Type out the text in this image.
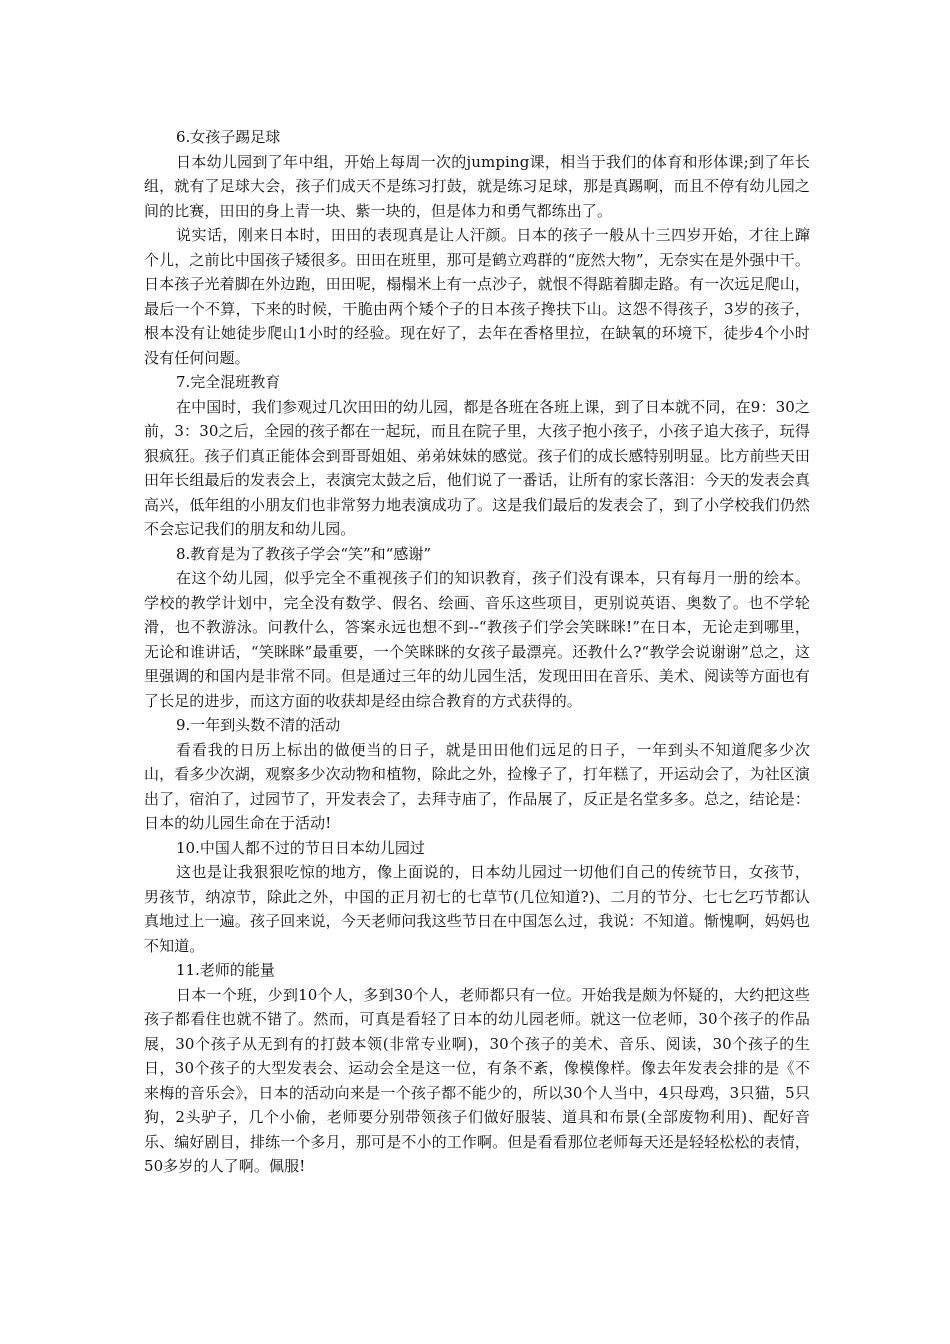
6.女孩子踢足球

日本幼儿园到了年中组，开始上每周一次的jumping课，相当于我们的体育和形体课;到了年长组，就有了足球大会，孩子们成天不是练习打鼓，就是练习足球，那是真踢啊，而且不停有幼儿园之间的比赛，田田的身上青一块、紫一块的，但是体力和勇气都练出了。

说实话，刚来日本时，田田的表现真是让人汗颜。日本的孩子一般从十三四岁开始，才往上蹿个儿，之前比中国孩子矮很多。田田在班里，那可是鹤立鸡群的“庞然大物”，无奈实在是外强中干。日本孩子光着脚在外边跑，田田呢，榻榻米上有一点沙子，就恨不得踮着脚走路。有一次远足爬山，最后一个不算，下来的时候，干脆由两个矮个子的日本孩子搀扶下山。这怨不得孩子，3岁的孩子，根本没有让她徒步爬山1小时的经验。现在好了，去年在香格里拉，在缺氧的环境下，徒步4个小时没有任何问题。

7.完全混班教育

在中国时，我们参观过几次田田的幼儿园，都是各班在各班上课，到了日本就不同，在9：30之前，3：30之后，全园的孩子都在一起玩，而且在院子里，大孩子抱小孩子，小孩子追大孩子，玩得狠疯狂。孩子们真正能体会到哥哥姐姐、弟弟妹妹的感觉。孩子们的成长感特别明显。比方前些天田田年长组最后的发表会上，表演完太鼓之后，他们说了一番话，让所有的家长落泪：今天的发表会真高兴，低年组的小朋友们也非常努力地表演成功了。这是我们最后的发表会了，到了小学校我们仍然不会忘记我们的朋友和幼儿园。

8.教育是为了教孩子学会“笑”和“感谢”

在这个幼儿园，似乎完全不重视孩子们的知识教育，孩子们没有课本，只有每月一册的绘本。学校的教学计划中，完全没有数学、假名、绘画、音乐这些项目，更别说英语、奥数了。也不学轮滑，也不教游泳。问教什么，答案永远也想不到--“教孩子们学会笑眯眯!”在日本，无论走到哪里，无论和谁讲话，“笑眯眯”最重要，一个笑眯眯的女孩子最漂亮。还教什么?“教学会说谢谢”总之，这里强调的和国内是非常不同。但是通过三年的幼儿园生活，发现田田在音乐、美术、阅读等方面也有了长足的进步，而这方面的收获却是经由综合教育的方式获得的。

9.一年到头数不清的活动

看看我的日历上标出的做便当的日子，就是田田他们远足的日子，一年到头不知道爬多少次山，看多少次湖，观察多少次动物和植物，除此之外，捡橡子了，打年糕了，开运动会了，为社区演出了，宿泊了，过园节了，开发表会了，去拜寺庙了，作品展了，反正是名堂多多。总之，结论是：日本的幼儿园生命在于活动!

10.中国人都不过的节日日本幼儿园过

这也是让我狠狠吃惊的地方，像上面说的，日本幼儿园过一切他们自己的传统节日，女孩节，男孩节，纳凉节，除此之外，中国的正月初七的七草节(几位知道?)、二月的节分、七七乞巧节都认真地过上一遍。孩子回来说，今天老师问我这些节日在中国怎么过，我说：不知道。惭愧啊，妈妈也不知道。

11.老师的能量

日本一个班，少到10个人，多到30个人，老师都只有一位。开始我是颇为怀疑的，大约把这些孩子都看住也就不错了。然而，可真是看轻了日本的幼儿园老师。就这一位老师，30个孩子的作品展，30个孩子从无到有的打鼓本领(非常专业啊)，30个孩子的美术、音乐、阅读，30个孩子的生日，30个孩子的大型发表会、运动会全是这一位，有条不紊，像模像样。像去年发表会排的是《不来梅的音乐会》，日本的活动向来是一个孩子都不能少的，所以30个人当中，4只母鸡，3只猫，5只狗，2头驴子，几个小偷，老师要分别带领孩子们做好服装、道具和布景(全部废物利用)、配好音乐、编好剧目，排练一个多月，那可是不小的工作啊。但是看看那位老师每天还是轻轻松松的表情，50多岁的人了啊。佩服!
